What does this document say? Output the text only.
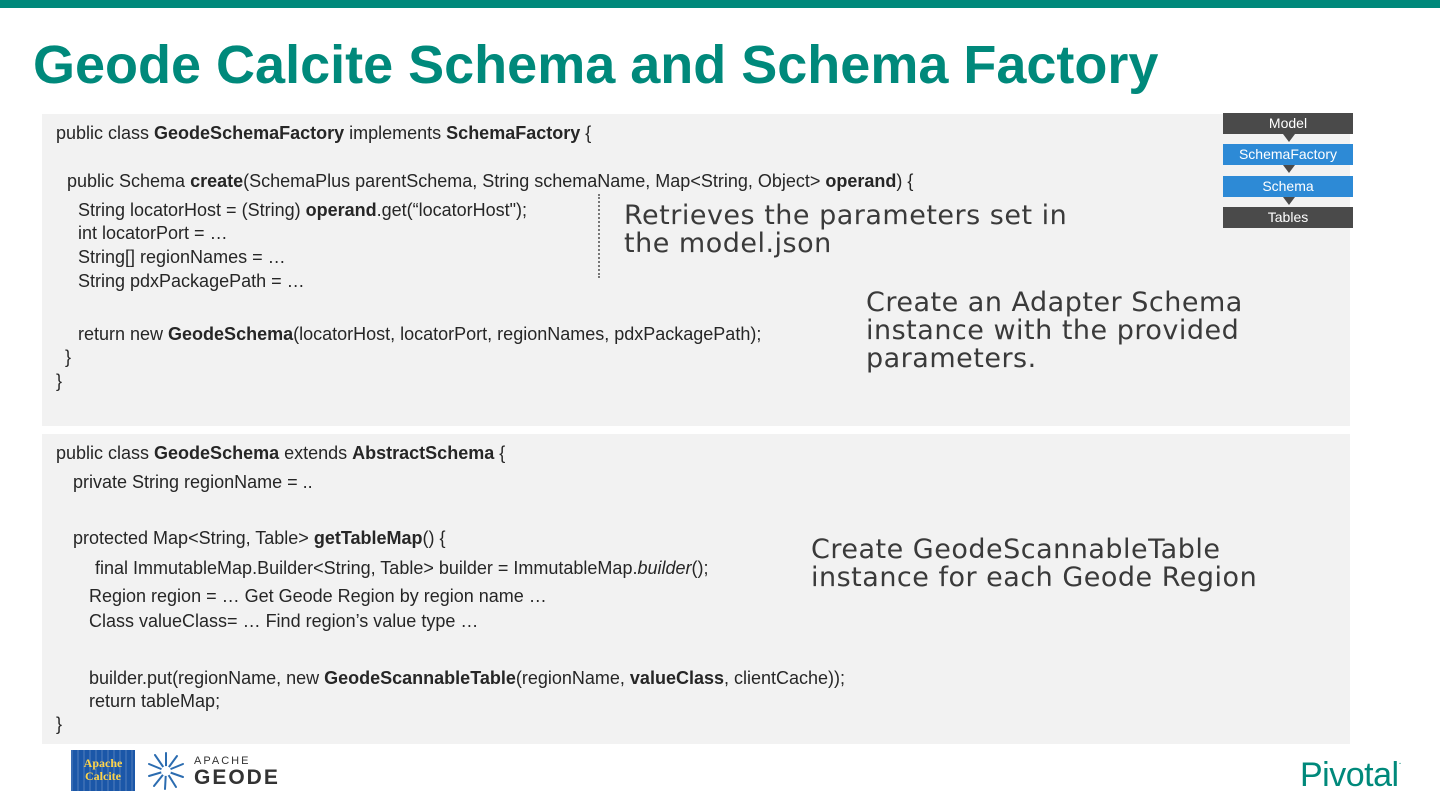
Geode Calcite Schema and Schema Factory
public class GeodeSchemaFactory implements SchemaFactory {
public Schema create(SchemaPlus parentSchema, String schemaName, Map<String, Object> operand) {
String locatorHost = (String) operand.get(“locatorHost");
int locatorPort = …
String[] regionNames = …
String pdxPackagePath = …
return new GeodeSchema(locatorHost, locatorPort, regionNames, pdxPackagePath);
}
}
Retrieves the parameters set in
the model.json
Create an Adapter Schema
instance with the provided
parameters.
Model
SchemaFactory
Schema
Tables
public class GeodeSchema extends AbstractSchema {
private String regionName = ..
protected Map<String, Table> getTableMap() {
final ImmutableMap.Builder<String, Table> builder = ImmutableMap.builder();
Region region = … Get Geode Region by region name …
Class valueClass= … Find region’s value type …
builder.put(regionName, new GeodeScannableTable(regionName, valueClass, clientCache));
return tableMap;
}
Create GeodeScannableTable
instance for each Geode Region
Apache
Calcite
APACHE
GEODE	Pivotal.
